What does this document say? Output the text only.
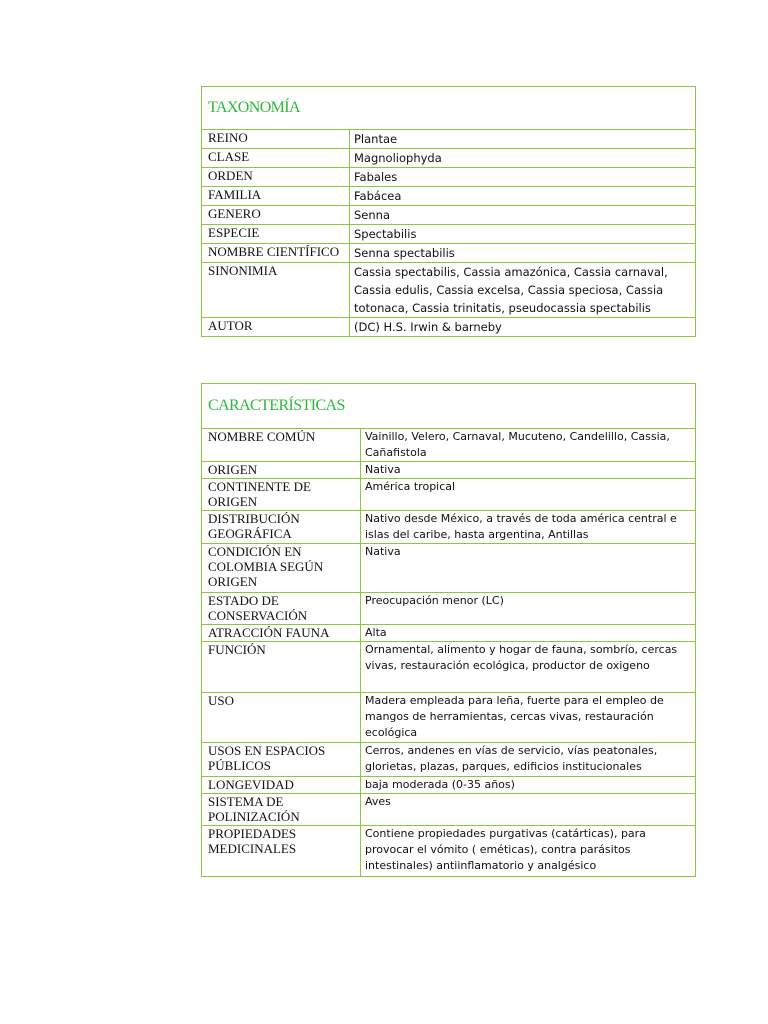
TAXONOMÍA	
REINO	Plantae
CLASE	Magnoliophyda
ORDEN	Fabales
FAMILIA	Fabácea
GENERO	Senna
ESPECIE	Spectabilis
NOMBRE CIENTÍFICO	Senna spectabilis
SINONIMIA	Cassia spectabilis, Cassia amazónica, Cassia carnaval, Cassia edulis, Cassia excelsa, Cassia speciosa, Cassia totonaca, Cassia trinitatis, pseudocassia spectabilis
AUTOR	(DC) H.S. Irwin & barneby
CARACTERÍSTICAS	
NOMBRE COMÚN	Vainillo, Velero, Carnaval, Mucuteno, Candelillo, Cassia, Cañafistola
ORIGEN	Nativa
CONTINENTE DE ORIGEN	América tropical
DISTRIBUCIÓN GEOGRÁFICA	Nativo desde México, a través de toda américa central e islas del caribe, hasta argentina, Antillas
CONDICIÓN EN COLOMBIA SEGÚN ORIGEN	Nativa
ESTADO DE CONSERVACIÓN	Preocupación menor (LC)
ATRACCIÓN FAUNA	Alta
FUNCIÓN	Ornamental, alimento y hogar de fauna, sombrío, cercas vivas, restauración ecológica, productor de oxigeno
USO	Madera empleada para leña, fuerte para el empleo de mangos de herramientas, cercas vivas, restauración ecológica
USOS EN ESPACIOS PÚBLICOS	Cerros, andenes en vías de servicio, vías peatonales, glorietas, plazas, parques, edificios institucionales
LONGEVIDAD	baja moderada (0-35 años)
SISTEMA DE POLINIZACIÓN	Aves
PROPIEDADES MEDICINALES	Contiene propiedades purgativas (catárticas), para provocar el vómito ( eméticas), contra parásitos intestinales) antiinflamatorio y analgésico
